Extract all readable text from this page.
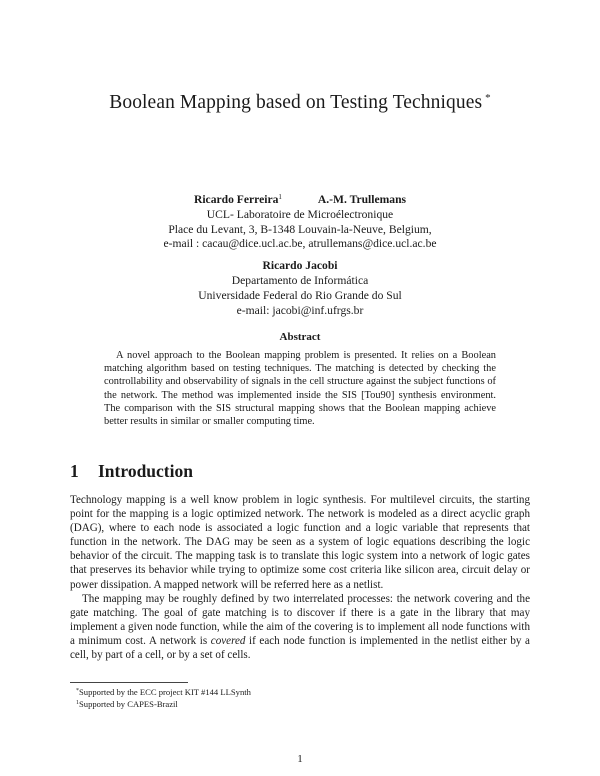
Boolean Mapping based on Testing Techniques *
Ricardo Ferreira$^1$	A.-M. Trullemans
UCL- Laboratoire de Microélectronique
Place du Levant, 3, B-1348 Louvain-la-Neuve, Belgium,
e-mail : cacau@dice.ucl.ac.be, atrullemans@dice.ucl.ac.be
Ricardo Jacobi
Departamento de Informática
Universidade Federal do Rio Grande do Sul
e-mail: jacobi@inf.ufrgs.br
Abstract
A novel approach to the Boolean mapping problem is presented. It relies on a Boolean matching algorithm based on testing techniques. The matching is detected by checking the controllability and observability of signals in the cell structure against the subject functions of the network. The method was implemented inside the SIS [Tou90] synthesis environment. The comparison with the SIS structural mapping shows that the Boolean mapping achieve better results in similar or smaller computing time.
1 Introduction

Technology mapping is a well know problem in logic synthesis. For multilevel circuits, the starting point for the mapping is a logic optimized network. The network is modeled as a direct acyclic graph (DAG), where to each node is associated a logic function and a logic variable that represents that function in the network. The DAG may be seen as a system of logic equations describing the logic behavior of the circuit. The mapping task is to translate this logic system into a network of logic gates that preserves its behavior while trying to optimize some cost criteria like silicon area, circuit delay or power dissipation. A mapped network will be referred here as a netlist.

The mapping may be roughly defined by two interrelated processes: the network covering and the gate matching. The goal of gate matching is to discover if there is a gate in the library that may implement a given node function, while the aim of the covering is to implement all node functions with a minimum cost. A network is covered if each node function is implemented in the netlist either by a cell, by part of a cell, or by a set of cells.

*Supported by the ECC project KIT #144 LLSynth
$^1$Supported by CAPES-Brazil
1
